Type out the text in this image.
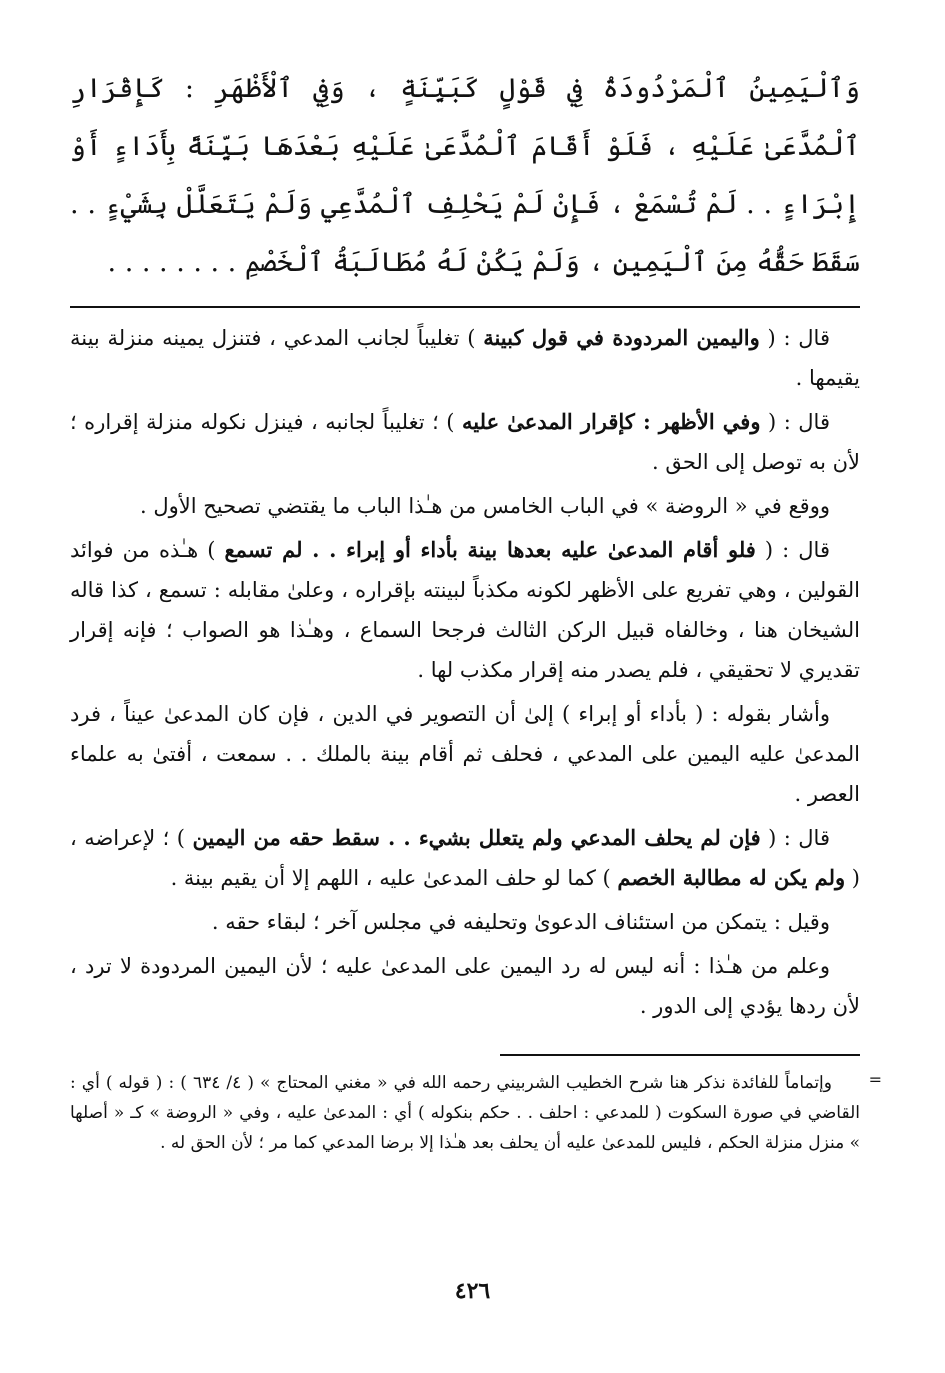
وَٱلْيَمِينُ ٱلْمَرْدُودَةُ فِي قَوْلٍ كَبَيِّنَةٍ ، وَفِي ٱلْأَظْهَرِ : كَإِقْرَارِ ٱلْمُدَّعَىٰ عَلَيْهِ ، فَلَوْ أَقَامَ ٱلْمُدَّعَىٰ عَلَيْهِ بَعْدَهَا بَيِّنَةً بِأَدَاءٍ أَوْ إِبْرَاءٍ . . لَمْ تُسْمَعْ ، فَإِنْ لَمْ يَحْلِفِ ٱلْمُدَّعِي وَلَمْ يَتَعَلَّلْ بِشَيْءٍ . . سَقَطَ حَقُّهُ مِنَ ٱلْيَمِينِ ، وَلَمْ يَكُنْ لَهُ مُطَالَبَةُ ٱلْخَصْمِ . . . . . . . .

قال : ( واليمين المردودة في قول كبينة ) تغليباً لجانب المدعي ، فتنزل يمينه منزلة بينة يقيمها .

قال : ( وفي الأظهر : كإقرار المدعىٰ عليه ) ؛ تغليباً لجانبه ، فينزل نكوله منزلة إقراره ؛ لأن به توصل إلى الحق .

ووقع في « الروضة » في الباب الخامس من هـٰذا الباب ما يقتضي تصحيح الأول .

قال : ( فلو أقام المدعىٰ عليه بعدها بينة بأداء أو إبراء . . لم تسمع ) هـٰذه من فوائد القولين ، وهي تفريع على الأظهر لكونه مكذباً لبينته بإقراره ، وعلىٰ مقابله : تسمع ، كذا قاله الشيخان هنا ، وخالفاه قبيل الركن الثالث فرجحا السماع ، وهـٰذا هو الصواب ؛ فإنه إقرار تقديري لا تحقيقي ، فلم يصدر منه إقرار مكذب لها .

وأشار بقوله : ( بأداء أو إبراء ) إلىٰ أن التصوير في الدين ، فإن كان المدعىٰ عيناً ، فرد المدعىٰ عليه اليمين على المدعي ، فحلف ثم أقام بينة بالملك . . سمعت ، أفتىٰ به علماء العصر .

قال : ( فإن لم يحلف المدعي ولم يتعلل بشيء . . سقط حقه من اليمين ) ؛ لإعراضه ، ( ولم يكن له مطالبة الخصم ) كما لو حلف المدعىٰ عليه ، اللهم إلا أن يقيم بينة .

وقيل : يتمكن من استئناف الدعوىٰ وتحليفه في مجلس آخر ؛ لبقاء حقه .

وعلم من هـٰذا : أنه ليس له رد اليمين على المدعىٰ عليه ؛ لأن اليمين المردودة لا ترد ، لأن ردها يؤدي إلى الدور .

=

وإتماماً للفائدة نذكر هنا شرح الخطيب الشربيني رحمه الله في « مغني المحتاج » ( ٤/ ٦٣٤ ) : ( قوله ) أي : القاضي في صورة السكوت ( للمدعي : احلف . . حكم بنكوله ) أي : المدعىٰ عليه ، وفي « الروضة » كـ « أصلها » منزل منزلة الحكم ، فليس للمدعىٰ عليه أن يحلف بعد هـٰذا إلا برضا المدعي كما مر ؛ لأن الحق له .

٤٢٦
